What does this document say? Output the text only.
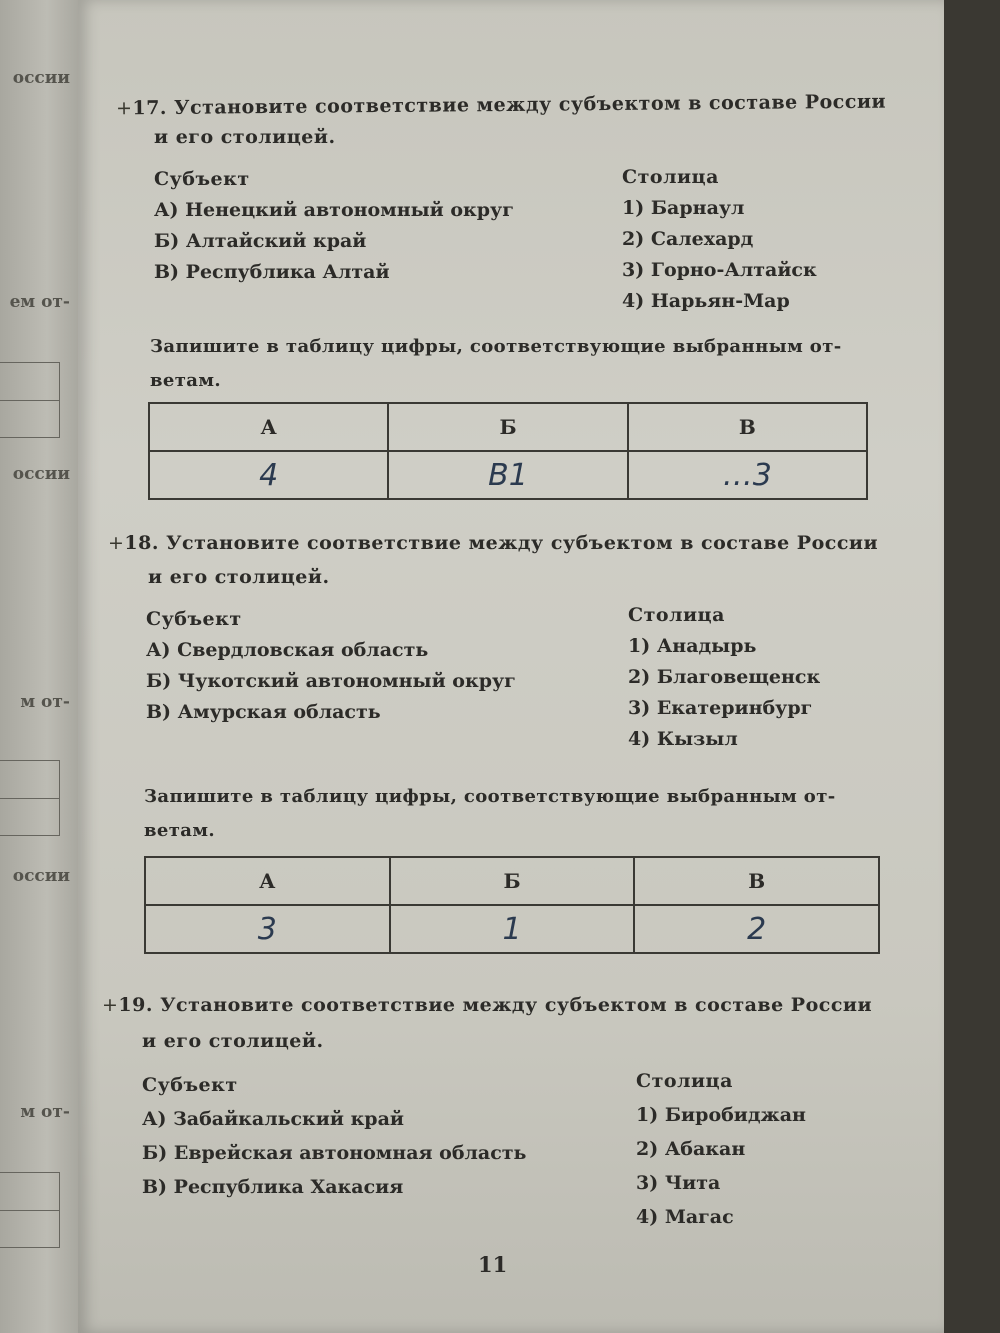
оссии
ем от-
оссии
м от-
оссии
м от-
+17. Установите соответствие между субъектом в составе России
и его столицей.
Субъект
А) Ненецкий автономный округ
Б) Алтайский край
В) Республика Алтай
Столица
1) Барнаул
2) Салехард
3) Горно-Алтайск
4) Нарьян-Мар
Запишите в таблицу цифры, соответствующие выбранным от-
ветам.
А	Б	В
4	В1	…3
+18. Установите соответствие между субъектом в составе России
и его столицей.
Субъект
А) Свердловская область
Б) Чукотский автономный округ
В) Амурская область
Столица
1) Анадырь
2) Благовещенск
3) Екатеринбург
4) Кызыл
Запишите в таблицу цифры, соответствующие выбранным от-
ветам.
А	Б	В
3	1	2
+19. Установите соответствие между субъектом в составе России
и его столицей.
Субъект
А) Забайкальский край
Б) Еврейская автономная область
В) Республика Хакасия
Столица
1) Биробиджан
2) Абакан
3) Чита
4) Магас
11
